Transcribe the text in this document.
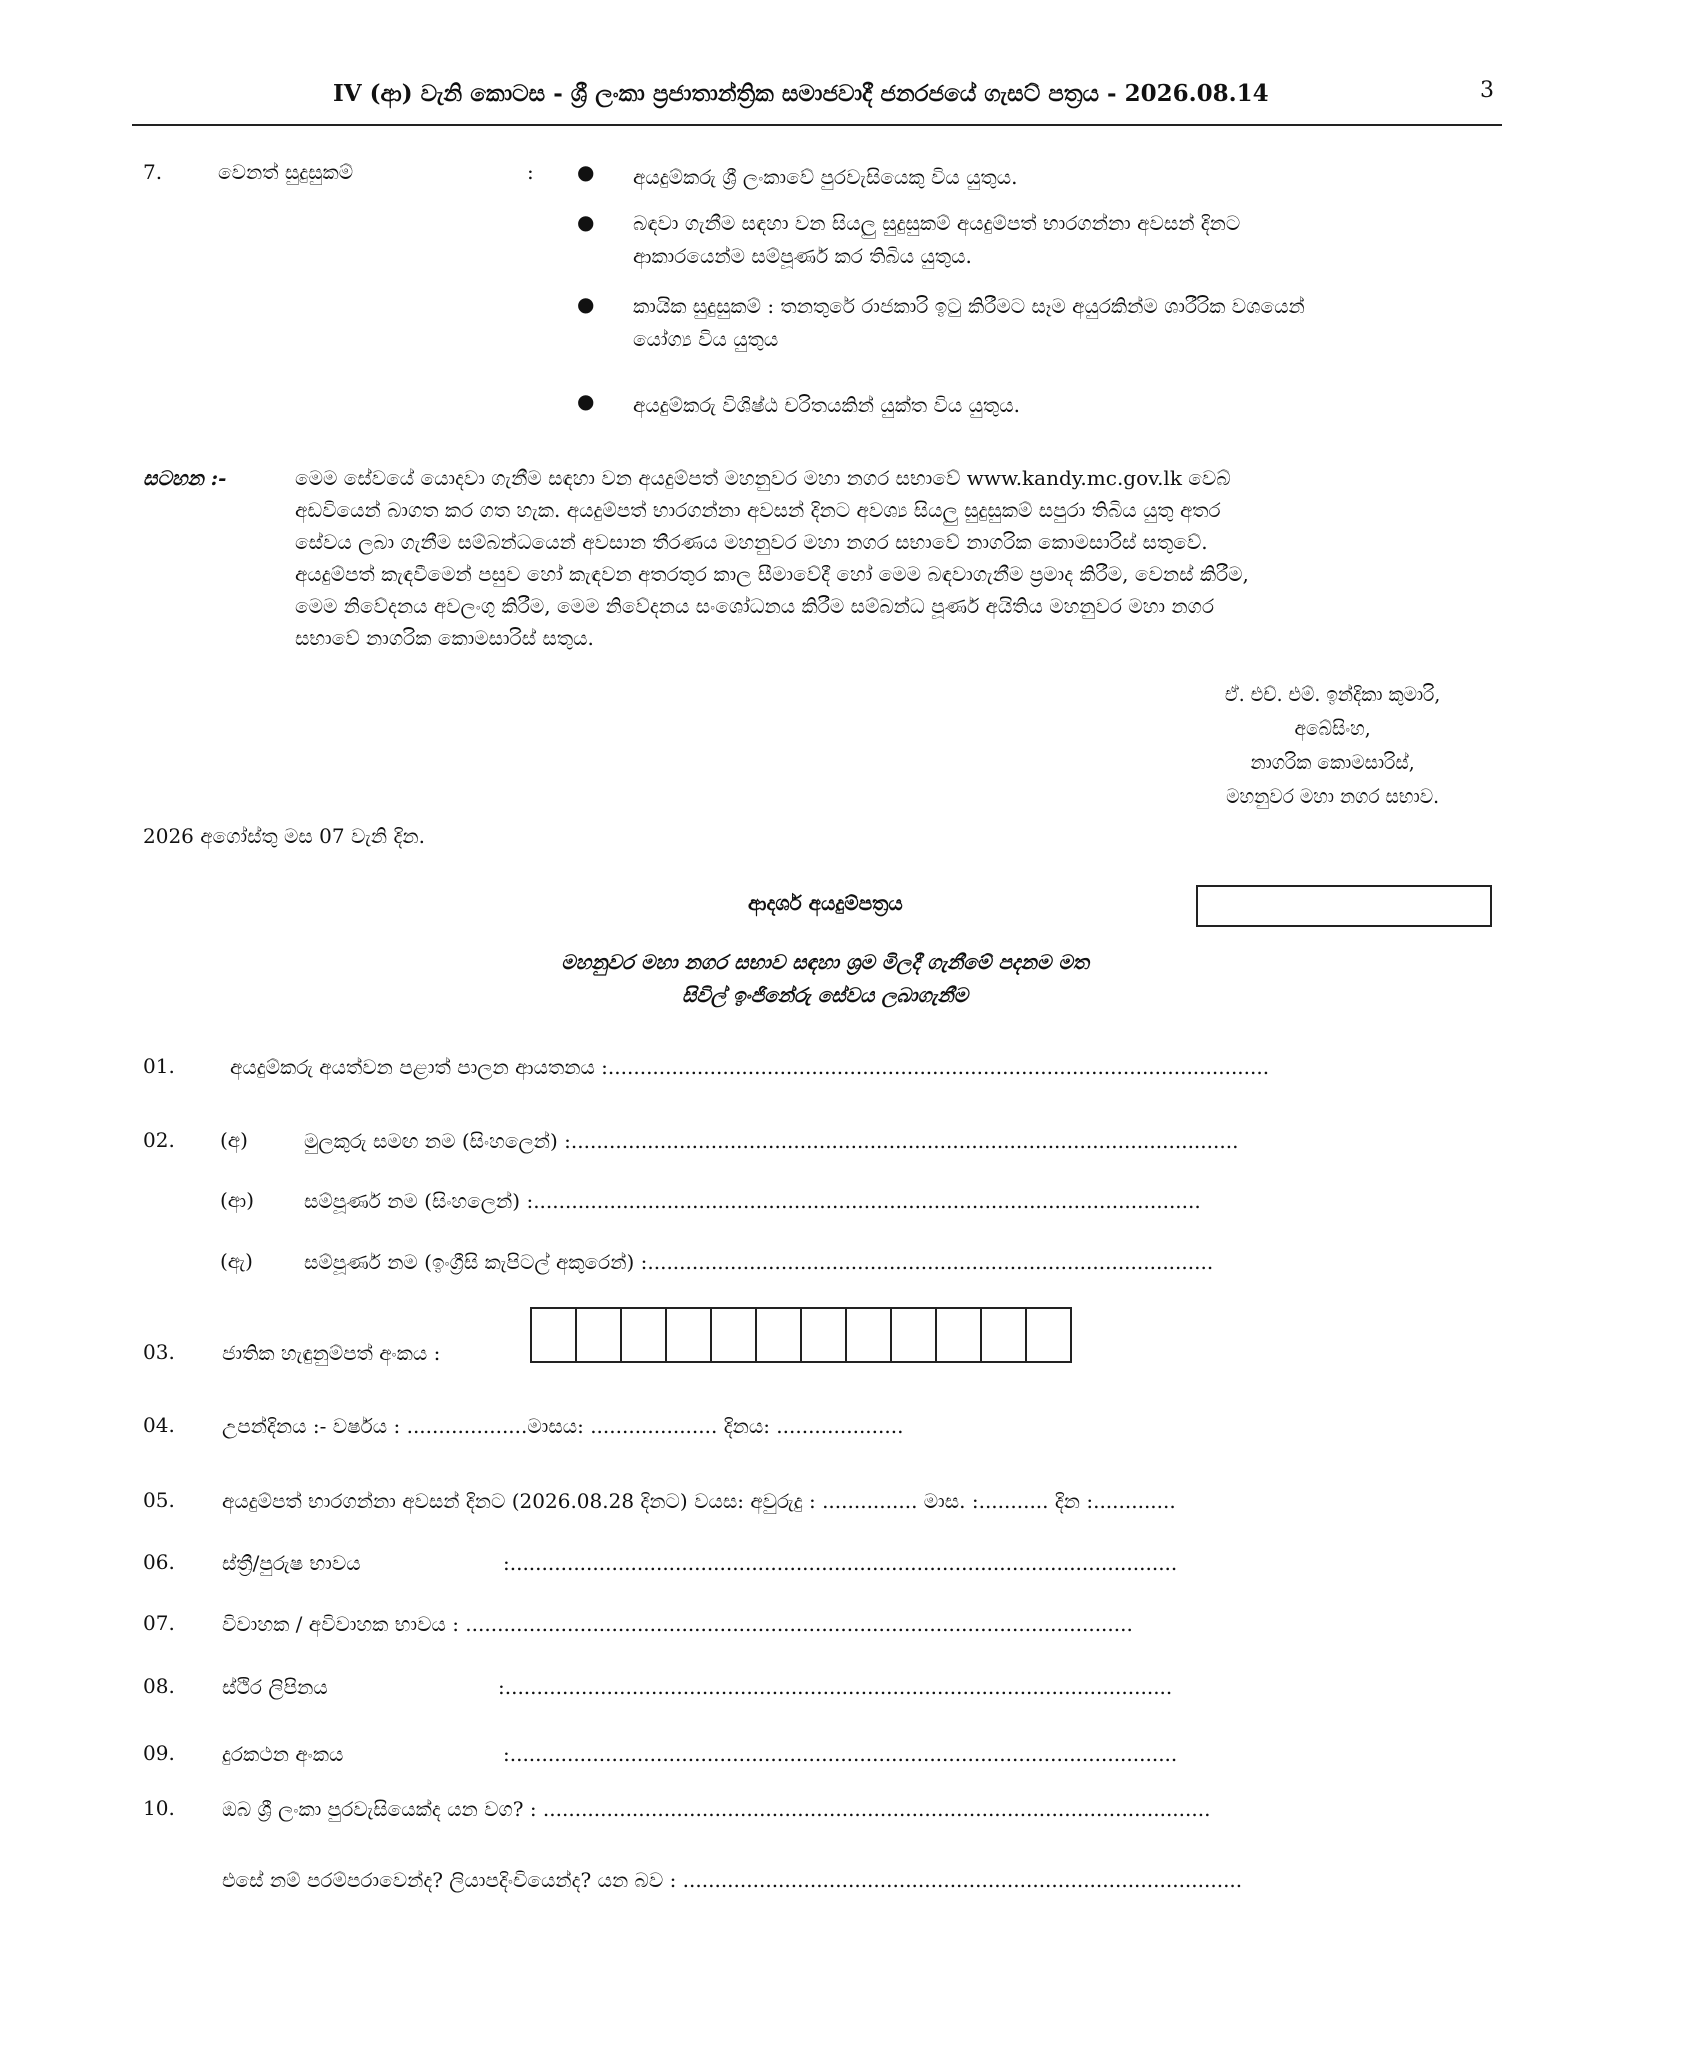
IV (ආ) වැනි කොටස - ශ්‍රී ලංකා ප්‍රජාතාන්ත්‍රික සමාජවාදී ජනරජයේ ගැසට් පත්‍රය - 2026.08.14	3
7.	වෙනත් සුදුසුකම්	: ● අයදුම්කරු ශ්‍රී ලංකාවේ පුරවැසියෙකු විය යුතුය.
● බඳවා ගැනීම සඳහා වන සියලු සුදුසුකම් අයදුම්පත් භාරගන්නා අවසන් දිනට
ආකාරයෙන්ම සම්පූර්ණ කර තිබිය යුතුය.
● කායික සුදුසුකම් : තනතුරේ රාජකාරි ඉටු කිරීමට සෑම අයුරකින්ම ශාරීරික වශයෙන්
යෝග්‍ය විය යුතුය
● අයදුම්කරු විශිෂ්ඨ චරිතයකින් යුක්ත විය යුතුය.
සටහන :-	මෙම සේවයේ යොදවා ගැනීම සඳහා වන අයදුම්පත් මහනුවර මහා නගර සභාවේ www.kandy.mc.gov.lk වෙබ්
අඩවියෙන් බාගත කර ගත හැක. අයදුම්පත් භාරගන්නා අවසන් දිනට අවශ්‍ය සියලු සුදුසුකම් සපුරා තිබිය යුතු අතර
සේවය ලබා ගැනීම සම්බන්ධයෙන් අවසාන තීරණය මහනුවර මහා නගර සභාවේ නාගරික කොමසාරිස් සතුවේ.
අයදුම්පත් කැඳවීමෙන් පසුව හෝ කැඳවන අතරතුර කාල සීමාවේදී හෝ මෙම බඳවාගැනීම ප්‍රමාද කිරීම, වෙනස් කිරීම,
මෙම නිවේදනය අවලංගු කිරීම, මෙම නිවේදනය සංශෝධනය කිරීම සම්බන්ධ පූර්ණ අයිතිය මහනුවර මහා නගර
සභාවේ නාගරික කොමසාරිස් සතුය.
ඒ. එච්. එම්. ඉන්දිකා කුමාරි,
අබේසිංහ,
නාගරික කොමසාරිස්,
මහනුවර මහා නගර සභාව.
2026 අගෝස්තු මස 07 වැනි දින.
ආදර්ශ අයදුම්පත්‍රය
මහනුවර මහා නගර සභාව සඳහා ශ්‍රම මිලදී ගැනීමේ පදනම මත
සිවිල් ඉංජිනේරු සේවය ලබාගැනීම
01.	අයදුම්කරු අයත්වන පළාත් පාලන ආයතනය :........................................................................................................
02. (අ)	මුලකුරු සමඟ නම (සිංහලෙන්) :.........................................................................................................
(ආ) සම්පූර්ණ නම (සිංහලෙන්) :.........................................................................................................
(ඇ)	සම්පූර්ණ නම (ඉංග්‍රීසි කැපිටල් අකුරෙන්) :.........................................................................................
03. ජාතික හැඳුනුම්පත් අංකය :
04. උපන්දිනය :- වර්ෂය : ...................මාසය: .................... දිනය: ....................
05. අයදුම්පත් භාරගන්නා අවසන් දිනට (2026.08.28 දිනට) වයස: අවුරුදු : ............... මාස. :........... දින :.............
06. ස්ත්‍රී/පුරුෂ භාවය	:.........................................................................................................
07. විවාහක / අවිවාහක භාවය : .........................................................................................................
08. ස්ථිර ලිපිනය	:.........................................................................................................
09. දුරකථන අංකය	:.........................................................................................................
10. ඔබ ශ්‍රී ලංකා පුරවැසියෙක්ද යන වග? : .........................................................................................................
එසේ නම් පරම්පරාවෙන්ද? ලියාපදිංචියෙන්ද? යන බව : ........................................................................................
